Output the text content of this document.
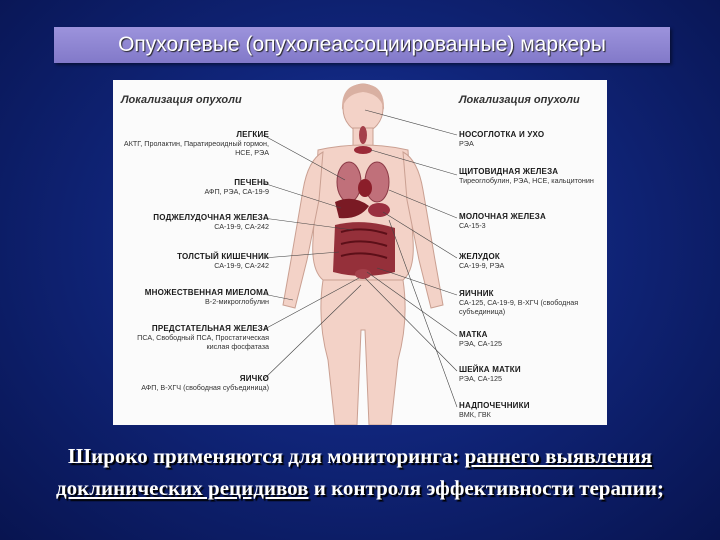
Опухолевые (опухолеассоциированные) маркеры
Локализация опухоли	Локализация опухоли
ЛЕГКИЕ
АКТГ, Пролактин, Паратиреоидный гормон, НСЕ, РЭА
ПЕЧЕНЬ
АФП, РЭА, СА-19-9
ПОДЖЕЛУДОЧНАЯ ЖЕЛЕЗА
СА-19-9, СА-242
ТОЛСТЫЙ КИШЕЧНИК
СА-19-9, СА-242
МНОЖЕСТВЕННАЯ МИЕЛОМА
В-2-микроглобулин
ПРЕДСТАТЕЛЬНАЯ ЖЕЛЕЗА
ПСА, Свободный ПСА, Простатическая кислая фосфатаза
ЯИЧКО
АФП, В-ХГЧ (свободная субъединица)
НОСОГЛОТКА И УХО
РЭА
ЩИТОВИДНАЯ ЖЕЛЕЗА
Тиреоглобулин, РЭА, НСЕ, кальцитонин
МОЛОЧНАЯ ЖЕЛЕЗА
СА-15-3
ЖЕЛУДОК
СА-19-9, РЭА
ЯИЧНИК
СА-125, СА-19-9, В-ХГЧ (свободная субъединица)
МАТКА
РЭА, СА-125
ШЕЙКА МАТКИ
РЭА, СА-125
НАДПОЧЕЧНИКИ
ВМК, ГВК
Широко применяются для мониторинга: раннего выявления доклинических рецидивов и контроля эффективности терапии;
